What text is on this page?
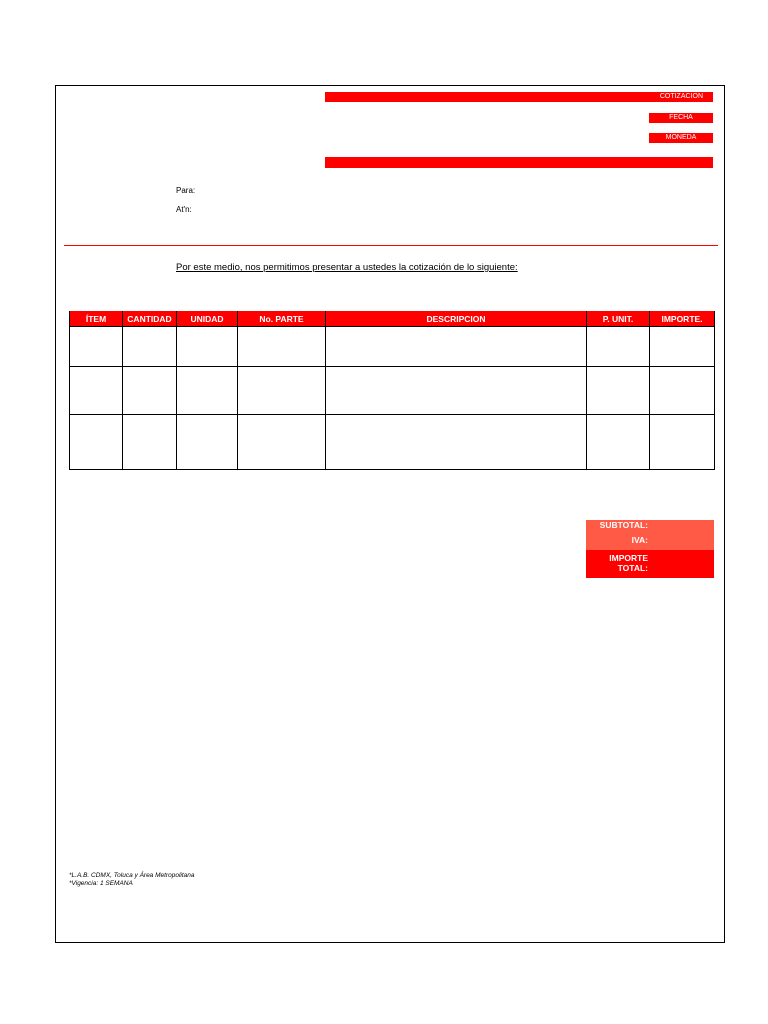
COTIZACION
FECHA
MONEDA
Para:
At'n:
Por este medio, nos permitimos presentar a ustedes la cotización de lo siguiente:
ÍTEM	CANTIDAD	UNIDAD	No. PARTE	DESCRIPCION	P. UNIT.	IMPORTE.

SUBTOTAL:
IVA:
IMPORTE
TOTAL:
*L.A.B. CDMX, Toluca y Área Metropolitana
*Vigencia: 1 SEMANA
